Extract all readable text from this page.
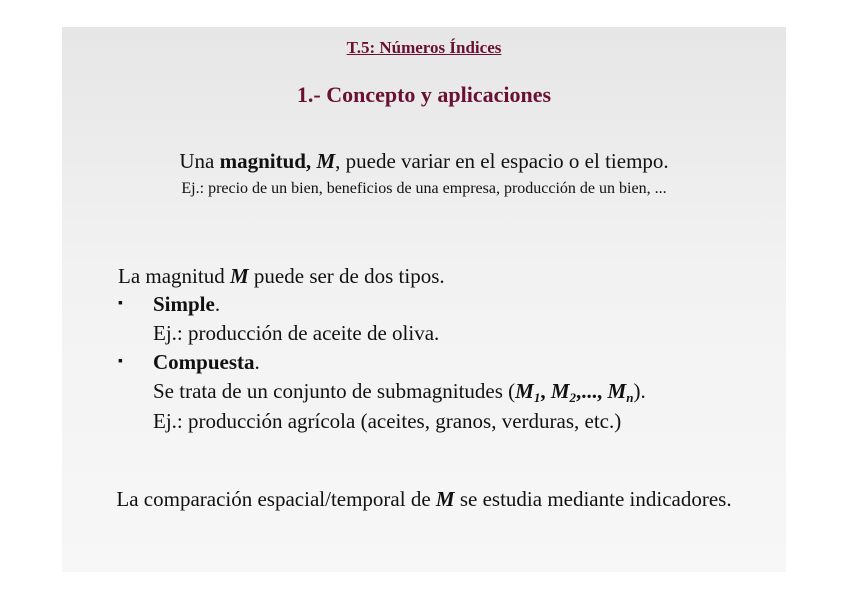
T.5: Números Índices
1.- Concepto y aplicaciones
Una magnitud, M, puede variar en el espacio o el tiempo.
Ej.: precio de un bien, beneficios de una empresa, producción de un bien, ...
La magnitud M puede ser de dos tipos.
▪ Simple.
Ej.: producción de aceite de oliva.
▪ Compuesta.
Se trata de un conjunto de submagnitudes ($M_1$, $M_2$,..., $M_n$).
Ej.: producción agrícola (aceites, granos, verduras, etc.)
La comparación espacial/temporal de M se estudia mediante indicadores.
